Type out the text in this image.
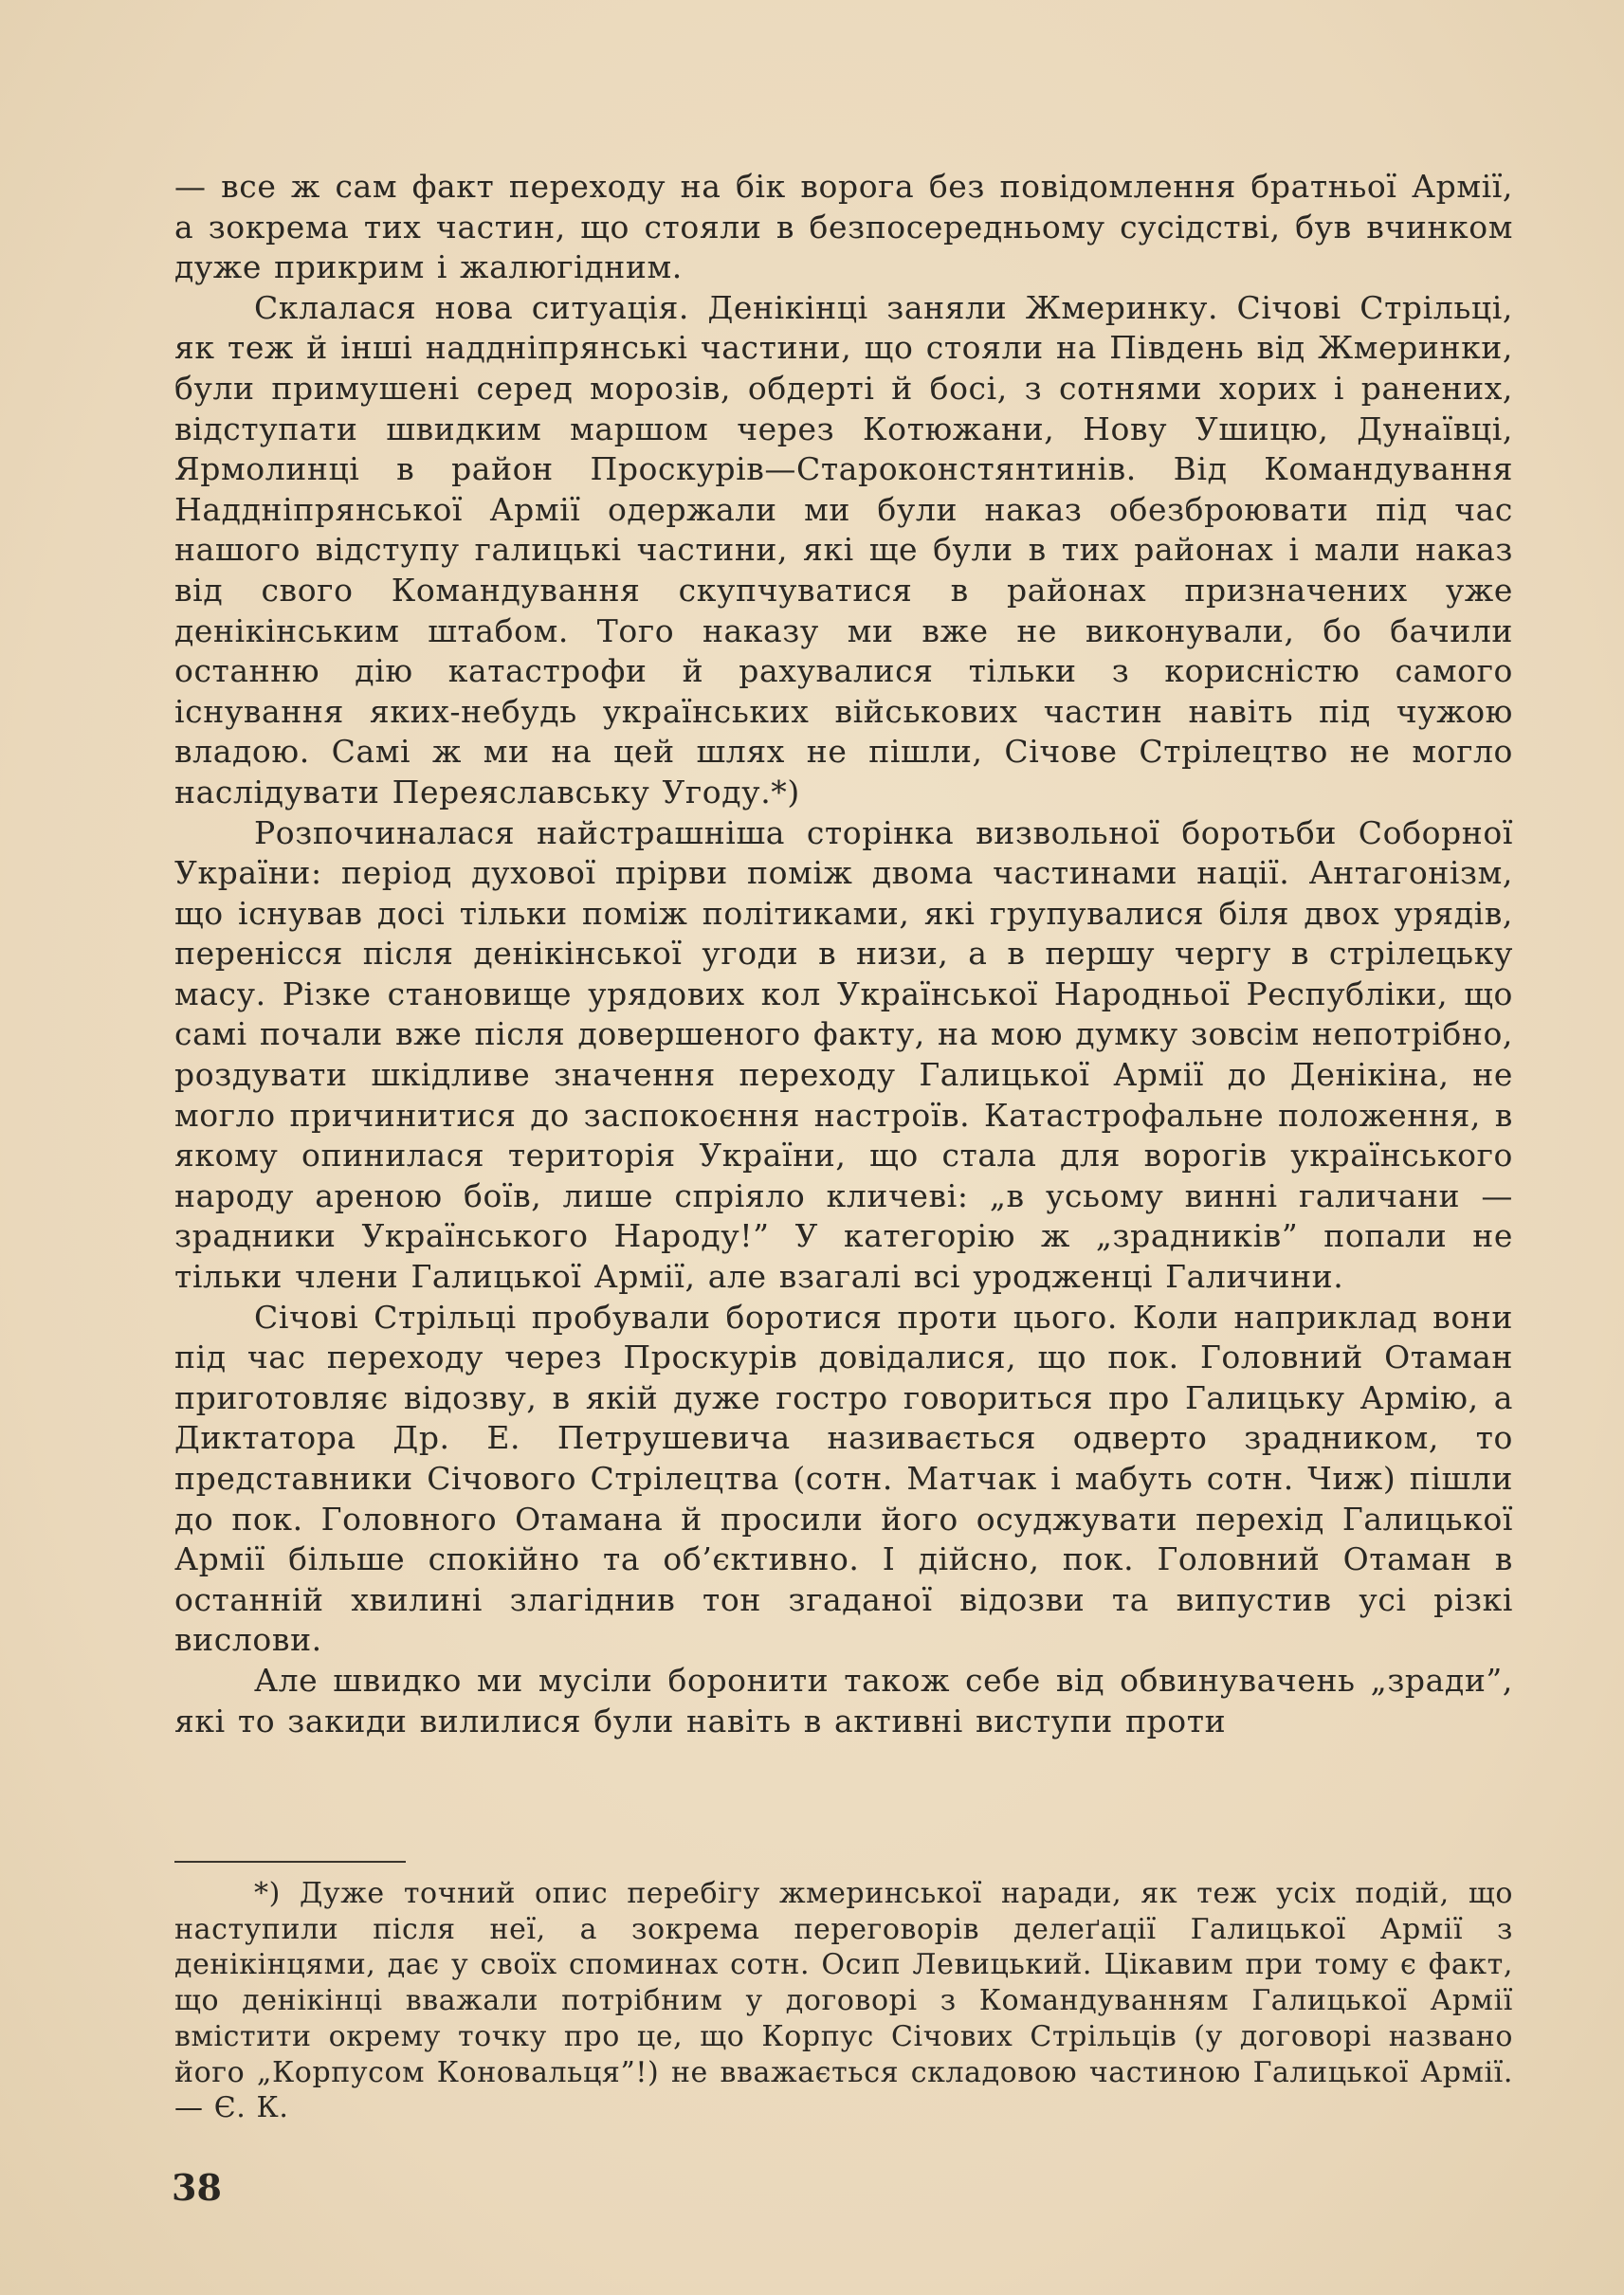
— все ж сам факт переходу на бік ворога без повідомлення братньої Армії, а зокрема тих частин, що стояли в безпосередньому сусідстві, був вчинком дуже прикрим і жалюгідним.

Склалася нова ситуація. Денікінці заняли Жмеринку. Січові Стрільці, як теж й інші наддніпрянські частини, що стояли на Південь від Жмеринки, були примушені серед морозів, обдерті й босі, з сотнями хорих і ранених, відступати швидким маршом через Котюжани, Нову Ушицю, Дунаївці, Ярмолинці в район Проскурів—Староконстянтинів. Від Командування Наддніпрянської Армії одержали ми були наказ обезброювати під час нашого відступу галицькі частини, які ще були в тих районах і мали наказ від свого Командування скупчуватися в районах призначених уже денікінським штабом. Того наказу ми вже не виконували, бо бачили останню дію катастрофи й рахувалися тільки з корисністю самого існування яких-небудь українських військових частин навіть під чужою владою. Самі ж ми на цей шлях не пішли, Січове Стрілецтво не могло наслідувати Переяславську Угоду.*)

Розпочиналася найстрашніша сторінка визвольної боротьби Соборної України: період духової прірви поміж двома частинами нації. Антагонізм, що існував досі тільки поміж політиками, які групувалися біля двох урядів, перенісся після денікінської угоди в низи, а в першу чергу в стрілецьку масу. Різке становище урядових кол Української Народньої Республіки, що самі почали вже після довершеного факту, на мою думку зовсім непотрібно, роздувати шкідливе значення переходу Галицької Армії до Денікіна, не могло причинитися до заспокоєння настроїв. Катастрофальне положення, в якому опинилася територія України, що стала для ворогів українського народу ареною боїв, лише спріяло кличеві: „в усьому винні галичани — зрадники Українського Народу!” У категорію ж „зрадників” попали не тільки члени Галицької Армії, але взагалі всі уродженці Галичини.

Січові Стрільці пробували боротися проти цього. Коли наприклад вони під час переходу через Проскурів довідалися, що пок. Головний Отаман приготовляє відозву, в якій дуже гостро говориться про Галицьку Армію, а Диктатора Др. Е. Петрушевича називається одверто зрадником, то представники Січового Стрілецтва (сотн. Матчак і мабуть сотн. Чиж) пішли до пок. Головного Отамана й просили його осуджувати перехід Галицької Армії більше спокійно та об’єктивно. І дійсно, пок. Головний Отаман в останній хвилині злагіднив тон згаданої відозви та випустив усі різкі вислови.

Але швидко ми мусіли боронити також себе від обвинувачень „зради”, які то закиди вилилися були навіть в активні виступи проти

*) Дуже точний опис перебігу жмеринської наради, як теж усіх подій, що наступили після неї, а зокрема переговорів делеґації Галицької Армії з денікінцями, дає у своїх споминах сотн. Осип Левицький. Цікавим при тому є факт, що денікінці вважали потрібним у договорі з Командуванням Галицької Армії вмістити окрему точку про це, що Корпус Січових Стрільців (у договорі названо його „Корпусом Коновальця”!) не вважається складовою частиною Галицької Армії. — Є. К.

38
